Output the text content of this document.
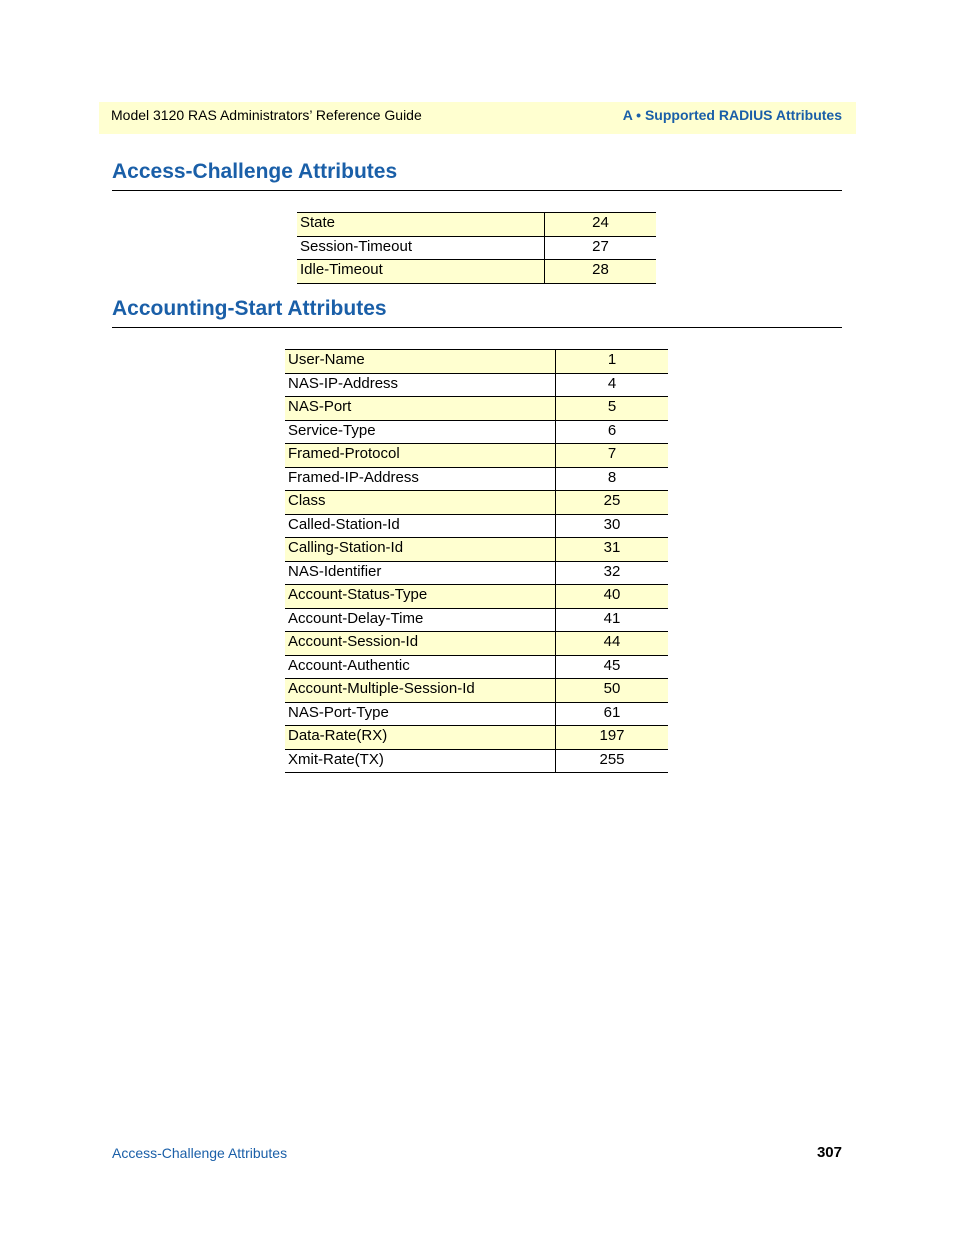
Model 3120 RAS Administrators’ Reference Guide	A • Supported RADIUS Attributes
Access-Challenge Attributes
State	24
Session-Timeout	27
Idle-Timeout	28
Accounting-Start Attributes
User-Name	1
NAS-IP-Address	4
NAS-Port	5
Service-Type	6
Framed-Protocol	7
Framed-IP-Address	8
Class	25
Called-Station-Id	30
Calling-Station-Id	31
NAS-Identifier	32
Account-Status-Type	40
Account-Delay-Time	41
Account-Session-Id	44
Account-Authentic	45
Account-Multiple-Session-Id	50
NAS-Port-Type	61
Data-Rate(RX)	197
Xmit-Rate(TX)	255
Access-Challenge Attributes	307
